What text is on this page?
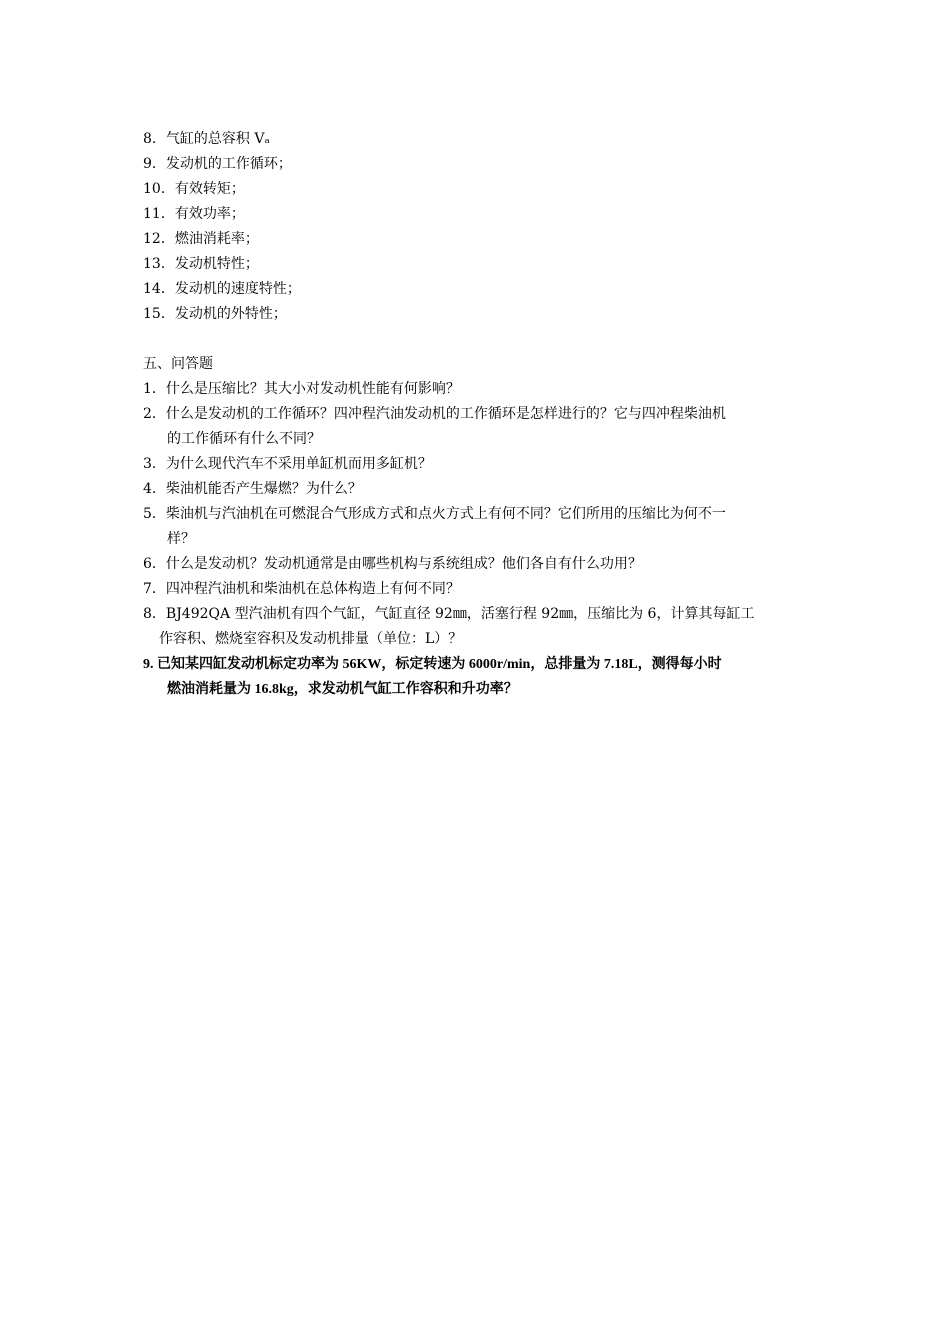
8．气缸的总容积 Vₐ
9．发动机的工作循环；
10．有效转矩；
11．有效功率；
12．燃油消耗率；
13．发动机特性；
14．发动机的速度特性；
15．发动机的外特性；
五、问答题
1．什么是压缩比？其大小对发动机性能有何影响？
2．什么是发动机的工作循环？四冲程汽油发动机的工作循环是怎样进行的？它与四冲程柴油机
的工作循环有什么不同？
3．为什么现代汽车不采用单缸机而用多缸机？
4．柴油机能否产生爆燃？为什么？
5．柴油机与汽油机在可燃混合气形成方式和点火方式上有何不同？它们所用的压缩比为何不一
样？
6．什么是发动机？发动机通常是由哪些机构与系统组成？他们各自有什么功用？
7．四冲程汽油机和柴油机在总体构造上有何不同？
8．BJ492QA 型汽油机有四个气缸，气缸直径 92㎜，活塞行程 92㎜，压缩比为 6，计算其每缸工
作容积、燃烧室容积及发动机排量（单位：L）？
9. 已知某四缸发动机标定功率为 56KW，标定转速为 6000r/min，总排量为 7.18L，测得每小时
燃油消耗量为 16.8kg，求发动机气缸工作容积和升功率？
